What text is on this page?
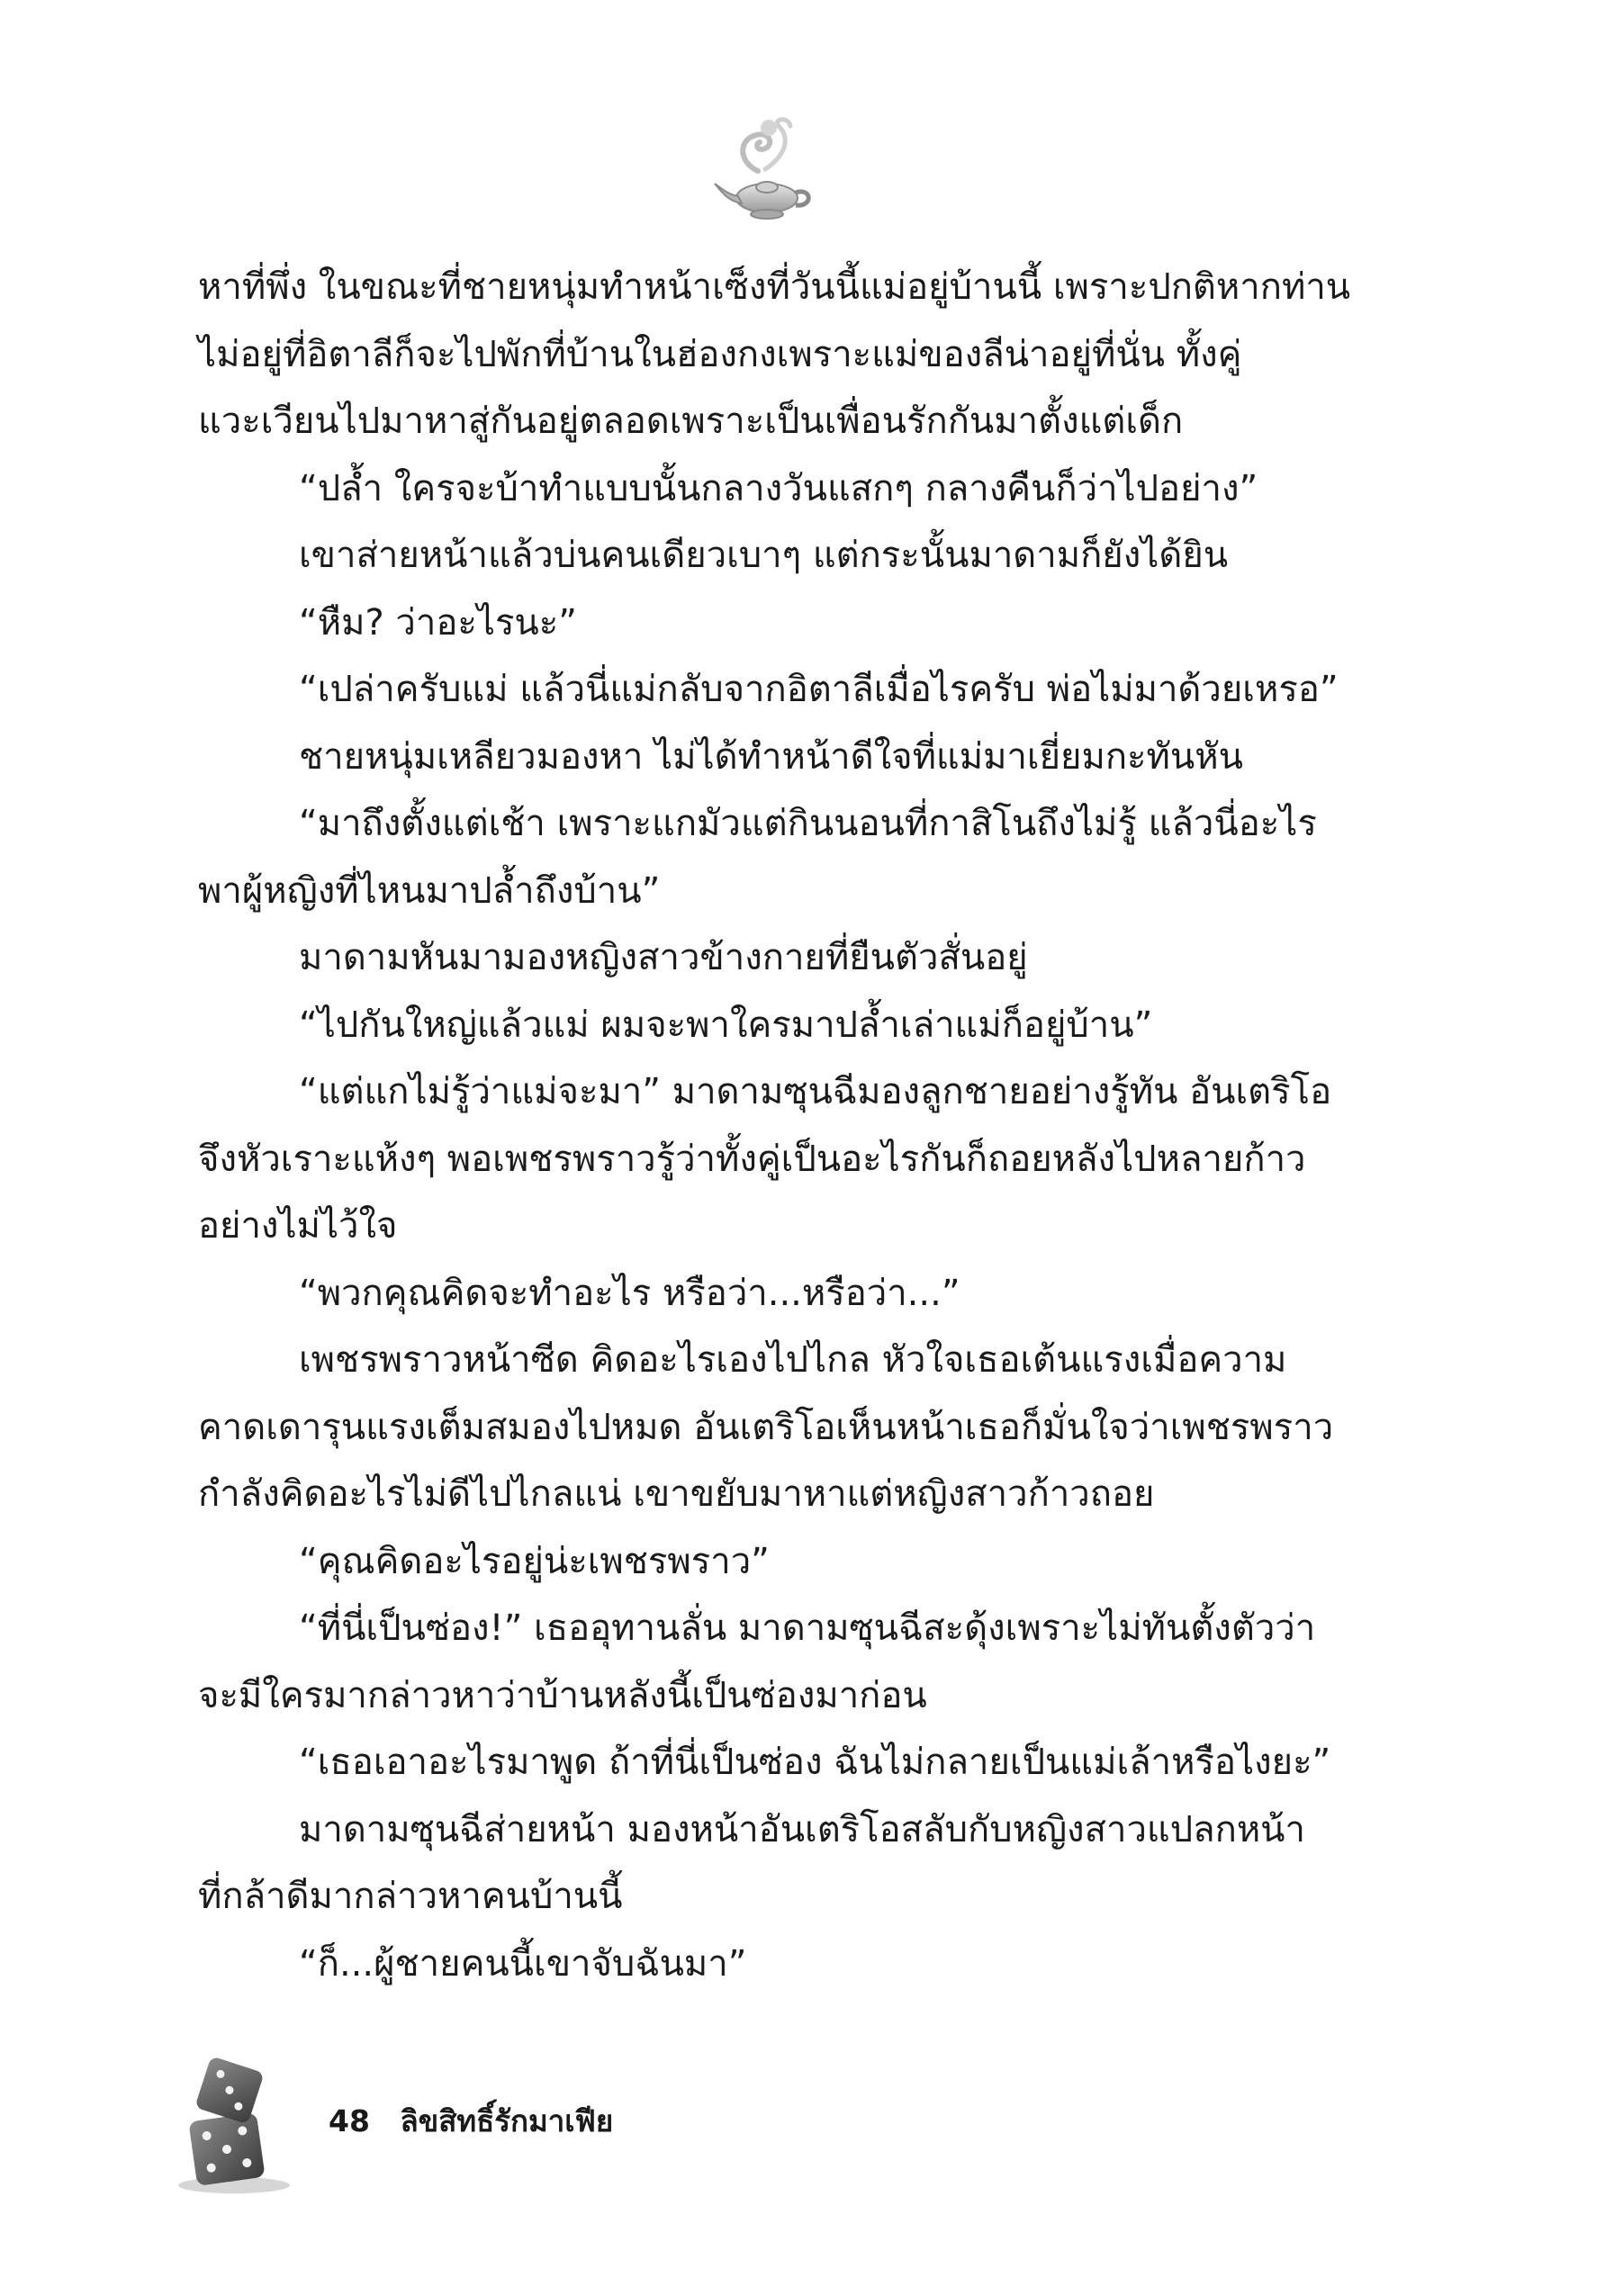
หาที่พึ่ง ในขณะที่ชายหนุ่มทำหน้าเซ็งที่วันนี้แม่อยู่บ้านนี้ เพราะปกติหากท่าน

ไม่อยู่ที่อิตาลีก็จะไปพักที่บ้านในฮ่องกงเพราะแม่ของลีน่าอยู่ที่นั่น ทั้งคู่

แวะเวียนไปมาหาสู่กันอยู่ตลอดเพราะเป็นเพื่อนรักกันมาตั้งแต่เด็ก

“ปล้ำ ใครจะบ้าทำแบบนั้นกลางวันแสกๆ กลางคืนก็ว่าไปอย่าง”

เขาส่ายหน้าแล้วบ่นคนเดียวเบาๆ แต่กระนั้นมาดามก็ยังได้ยิน

“หืม? ว่าอะไรนะ”

“เปล่าครับแม่ แล้วนี่แม่กลับจากอิตาลีเมื่อไรครับ พ่อไม่มาด้วยเหรอ”

ชายหนุ่มเหลียวมองหา ไม่ได้ทำหน้าดีใจที่แม่มาเยี่ยมกะทันหัน

“มาถึงตั้งแต่เช้า เพราะแกมัวแต่กินนอนที่กาสิโนถึงไม่รู้ แล้วนี่อะไร

พาผู้หญิงที่ไหนมาปล้ำถึงบ้าน”

มาดามหันมามองหญิงสาวข้างกายที่ยืนตัวสั่นอยู่

“ไปกันใหญ่แล้วแม่ ผมจะพาใครมาปล้ำเล่าแม่ก็อยู่บ้าน”

“แต่แกไม่รู้ว่าแม่จะมา” มาดามซุนฉีมองลูกชายอย่างรู้ทัน อันเตริโอ

จึงหัวเราะแห้งๆ พอเพชรพราวรู้ว่าทั้งคู่เป็นอะไรกันก็ถอยหลังไปหลายก้าว

อย่างไม่ไว้ใจ

“พวกคุณคิดจะทำอะไร หรือว่า...หรือว่า...”

เพชรพราวหน้าซีด คิดอะไรเองไปไกล หัวใจเธอเต้นแรงเมื่อความ

คาดเดารุนแรงเต็มสมองไปหมด อันเตริโอเห็นหน้าเธอก็มั่นใจว่าเพชรพราว

กำลังคิดอะไรไม่ดีไปไกลแน่ เขาขยับมาหาแต่หญิงสาวก้าวถอย

“คุณคิดอะไรอยู่น่ะเพชรพราว”

“ที่นี่เป็นซ่อง!” เธออุทานลั่น มาดามซุนฉีสะดุ้งเพราะไม่ทันตั้งตัวว่า

จะมีใครมากล่าวหาว่าบ้านหลังนี้เป็นซ่องมาก่อน

“เธอเอาอะไรมาพูด ถ้าที่นี่เป็นซ่อง ฉันไม่กลายเป็นแม่เล้าหรือไงยะ”

มาดามซุนฉีส่ายหน้า มองหน้าอันเตริโอสลับกับหญิงสาวแปลกหน้า

ที่กล้าดีมากล่าวหาคนบ้านนี้

“ก็...ผู้ชายคนนี้เขาจับฉันมา”

48 ลิขสิทธิ์รักมาเฟีย
